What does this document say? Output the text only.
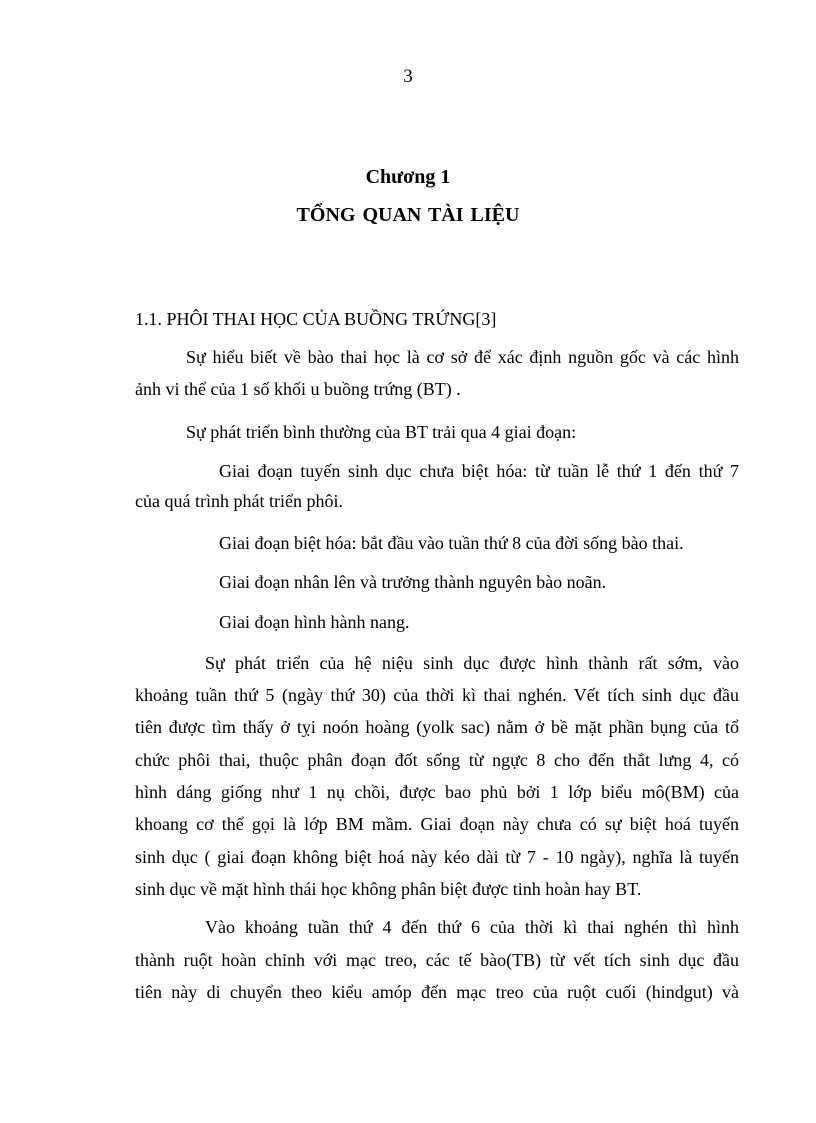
3
Chương 1
TỔNG QUAN TÀI LIỆU
1.1. PHÔI THAI HỌC CỦA BUỒNG TRỨNG[3]
Sự hiểu biết về bào thai học là cơ sở để xác định nguồn gốc và các hình
ảnh vi thể của 1 số khối u buồng trứng (BT) .
Sự phát triển bình thường của BT trải qua 4 giai đoạn:
Giai đoạn tuyến sinh dục chưa biệt hóa: từ tuần lễ thứ 1 đến thứ 7
của quá trình phát triển phôi.
Giai đoạn biệt hóa: bắt đầu vào tuần thứ 8 của đời sống bào thai.
Giai đoạn nhân lên và trưởng thành nguyên bào noãn.
Giai đoạn hình hành nang.
Sự phát triển của hệ niệu sinh dục được hình thành rất sớm, vào
khoảng tuần thứ 5 (ngày thứ 30) của thời kì thai nghén. Vết tích sinh dục đầu
tiên được tìm thấy ở tỵi noón hoàng (yolk sac) nằm ở bề mặt phần bụng của tổ
chức phôi thai, thuộc phân đoạn đốt sống từ ngực 8 cho đến thắt lưng 4, có
hình dáng giống như 1 nụ chồi, được bao phủ bởi 1 lớp biểu mô(BM) của
khoang cơ thể gọi là lớp BM mầm. Giai đoạn này chưa có sự biệt hoá tuyến
sinh dục ( giai đoạn không biệt hoá này kéo dài từ 7 - 10 ngày), nghĩa là tuyến
sinh dục về mặt hình thái học không phân biệt được tinh hoàn hay BT.
Vào khoảng tuần thứ 4 đến thứ 6 của thời kì thai nghén thì hình
thành ruột hoàn chỉnh với mạc treo, các tế bào(TB) từ vết tích sinh dục đầu
tiên này di chuyển theo kiểu amóp đến mạc treo của ruột cuối (hindgut) và
